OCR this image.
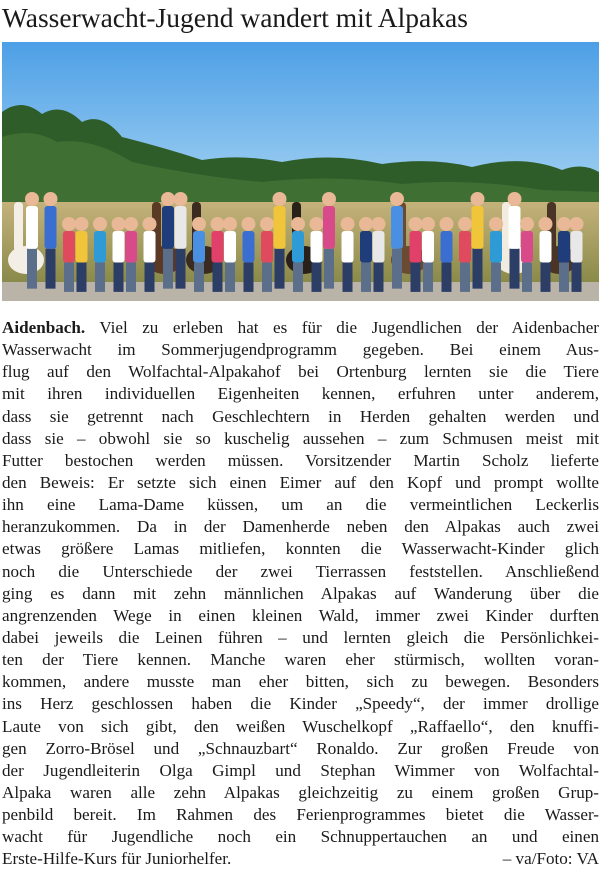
Wasserwacht-Jugend wandert mit Alpakas
Aidenbach. Viel zu erleben hat es für die Jugendlichen der Aidenbacher
Wasserwacht im Sommerjugendprogramm gegeben. Bei einem Aus-
flug auf den Wolfachtal-Alpakahof bei Ortenburg lernten sie die Tiere
mit ihren individuellen Eigenheiten kennen, erfuhren unter anderem,
dass sie getrennt nach Geschlechtern in Herden gehalten werden und
dass sie – obwohl sie so kuschelig aussehen – zum Schmusen meist mit
Futter bestochen werden müssen. Vorsitzender Martin Scholz lieferte
den Beweis: Er setzte sich einen Eimer auf den Kopf und prompt wollte
ihn eine Lama-Dame küssen, um an die vermeintlichen Leckerlis
heranzukommen. Da in der Damenherde neben den Alpakas auch zwei
etwas größere Lamas mitliefen, konnten die Wasserwacht-Kinder glich
noch die Unterschiede der zwei Tierrassen feststellen. Anschließend
ging es dann mit zehn männlichen Alpakas auf Wanderung über die
angrenzenden Wege in einen kleinen Wald, immer zwei Kinder durften
dabei jeweils die Leinen führen – und lernten gleich die Persönlichkei-
ten der Tiere kennen. Manche waren eher stürmisch, wollten voran-
kommen, andere musste man eher bitten, sich zu bewegen. Besonders
ins Herz geschlossen haben die Kinder „Speedy“, der immer drollige
Laute von sich gibt, den weißen Wuschelkopf „Raffaello“, den knuffi-
gen Zorro-Brösel und „Schnauzbart“ Ronaldo. Zur großen Freude von
der Jugendleiterin Olga Gimpl und Stephan Wimmer von Wolfachtal-
Alpaka waren alle zehn Alpakas gleichzeitig zu einem großen Grup-
penbild bereit. Im Rahmen des Ferienprogrammes bietet die Wasser-
wacht für Jugendliche noch ein Schnuppertauchen an und einen
Erste-Hilfe-Kurs für Juniorhelfer.	– va/Foto: VA
